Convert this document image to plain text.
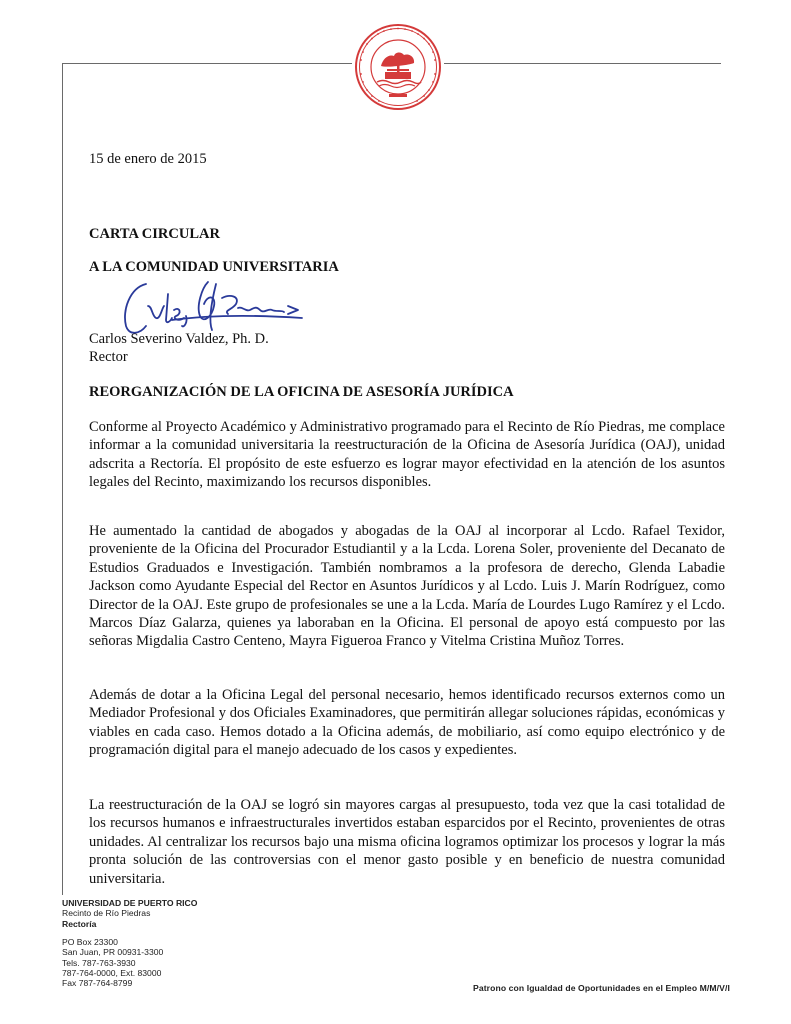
15 de enero de 2015
CARTA CIRCULAR
A LA COMUNIDAD UNIVERSITARIA
Carlos Severino Valdez, Ph. D.
Rector
REORGANIZACIÓN DE LA OFICINA DE ASESORÍA JURÍDICA
Conforme al Proyecto Académico y Administrativo programado para el Recinto de Río Piedras, me complace informar a la comunidad universitaria la reestructuración de la Oficina de Asesoría Jurídica (OAJ), unidad adscrita a Rectoría. El propósito de este esfuerzo es lograr mayor efectividad en la atención de los asuntos legales del Recinto, maximizando los recursos disponibles.
He aumentado la cantidad de abogados y abogadas de la OAJ al incorporar al Lcdo. Rafael Texidor, proveniente de la Oficina del Procurador Estudiantil y a la Lcda. Lorena Soler, proveniente del Decanato de Estudios Graduados e Investigación. También nombramos a la profesora de derecho, Glenda Labadie Jackson como Ayudante Especial del Rector en Asuntos Jurídicos y al Lcdo. Luis J. Marín Rodríguez, como Director de la OAJ. Este grupo de profesionales se une a la Lcda. María de Lourdes Lugo Ramírez y el Lcdo. Marcos Díaz Galarza, quienes ya laboraban en la Oficina. El personal de apoyo está compuesto por las señoras Migdalia Castro Centeno, Mayra Figueroa Franco y Vitelma Cristina Muñoz Torres.
Además de dotar a la Oficina Legal del personal necesario, hemos identificado recursos externos como un Mediador Profesional y dos Oficiales Examinadores, que permitirán allegar soluciones rápidas, económicas y viables en cada caso. Hemos dotado a la Oficina además, de mobiliario, así como equipo electrónico y de programación digital para el manejo adecuado de los casos y expedientes.
La reestructuración de la OAJ se logró sin mayores cargas al presupuesto, toda vez que la casi totalidad de los recursos humanos e infraestructurales invertidos estaban esparcidos por el Recinto, provenientes de otras unidades. Al centralizar los recursos bajo una misma oficina logramos optimizar los procesos y lograr la más pronta solución de las controversias con el menor gasto posible y en beneficio de nuestra comunidad universitaria.
UNIVERSIDAD DE PUERTO RICO
Recinto de Río Piedras
Rectoría
PO Box 23300
San Juan, PR 00931-3300
Tels. 787-763-3930
787-764-0000, Ext. 83000
Fax 787-764-8799	Patrono con Igualdad de Oportunidades en el Empleo M/M/V/I
